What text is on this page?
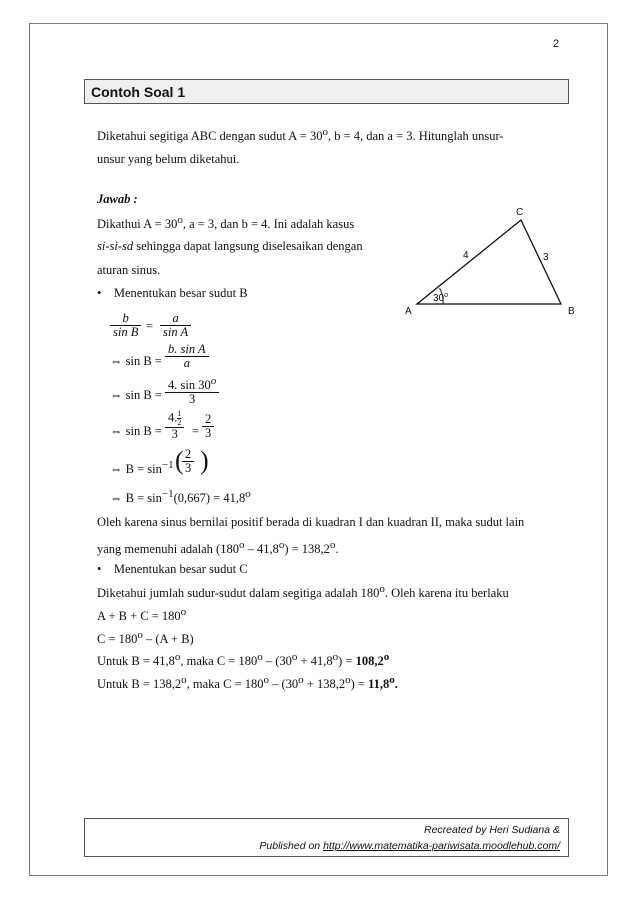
2
Contoh Soal 1
Diketahui segitiga ABC dengan sudut $A = 30^o$, b = 4, dan a = 3. Hitunglah unsur-
unsur yang belum diketahui.
Jawab :
Dikathui $A = 30^o$, a = 3, dan b = 4. Ini adalah kasus
si-si-sd sehingga dapat langsung diselesaikan dengan
aturan sinus.
• Menentukan besar sudut B
$\frac{b}{\text{sin B}} = \frac{a}{\text{sin A}}$
⇔ $\sin B = \frac{\text{b. sin A}}{a}$
⇔ $\sin B = \frac{4. \sin 30^o}{3}$
⇔ $\sin B = \frac{4. \frac{1}{2}}{3} = \frac{2}{3}$
⇔ $B = \sin^{-1}$ (
$\frac{2}{3}$ )
⇔ $B = \sin^{-1}(0,667) = 41,8^o$
Oleh karena sinus bernilai positif berada di kuadran I dan kuadran II, maka sudut lain
yang memenuhi adalah $(180^o - 41,8^o) = 138,2^o$.
• Menentukan besar sudut C
Diketahui jumlah sudur-sudut dalam segitiga adalah 180$^o$. Oleh karena itu berlaku
$A + B + C = 180^o$
$C = 180^o - (A + B)$
Untuk $B = 41,8^o$, maka $C = 180^o - (30^o + 41,8^o) = 108,2^o$
Untuk $B = 138,2^o$, maka $C = 180^o - (30^o + 138,2^o) = 11,8^o$.
A	B
C
4	3
30$^o$
Recreated by Heri Sudiana &
Published on http://www.matematika-pariwisata.moodlehub.com/
